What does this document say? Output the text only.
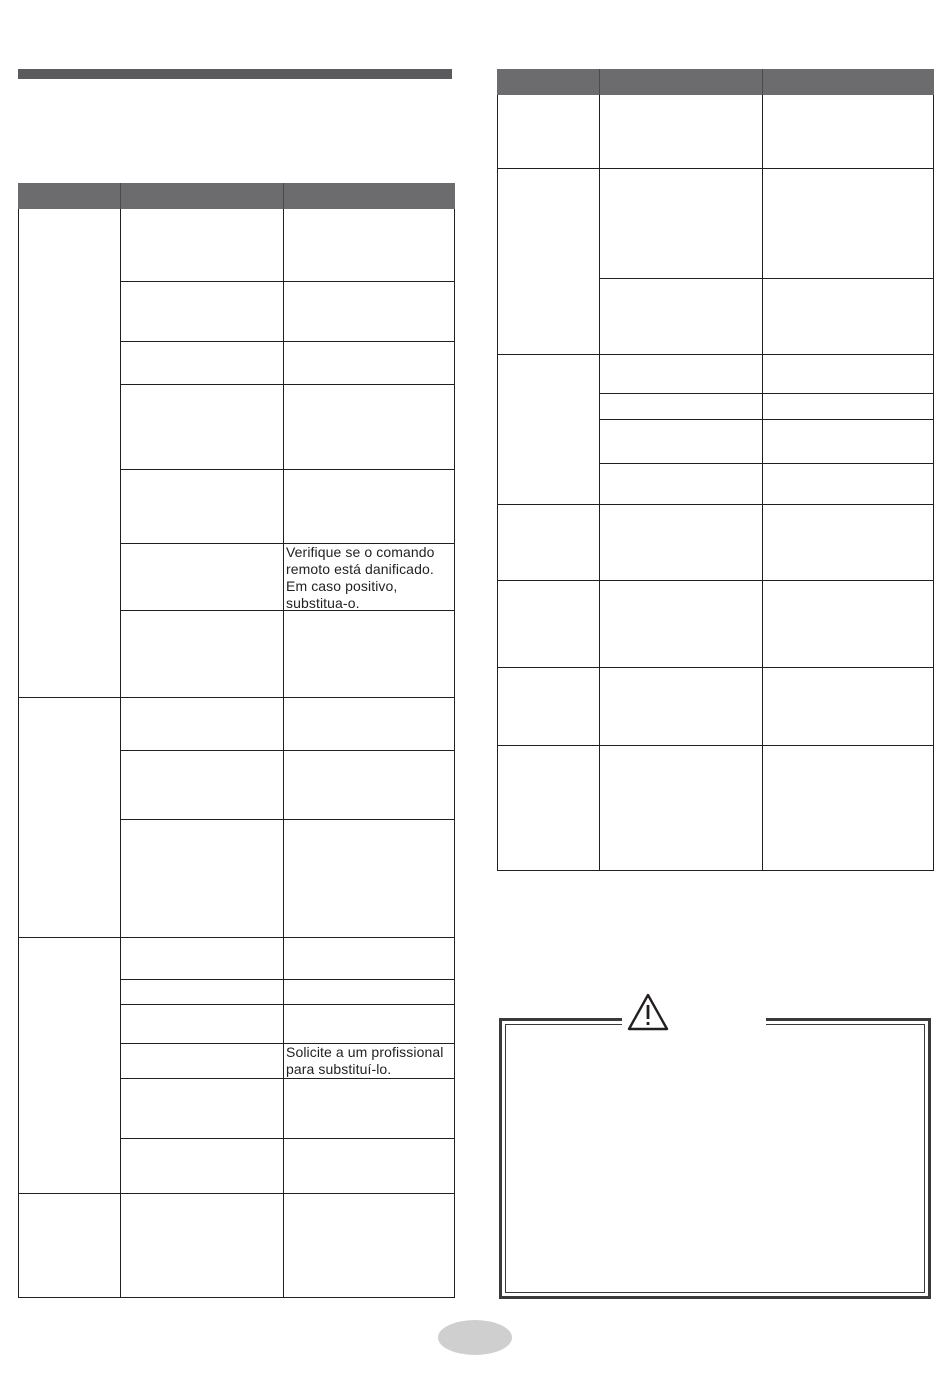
Verifique se o comando
remoto está danificado.
Em caso positivo,
substitua-o.
Solicite a um profissional
para substituí-lo.
